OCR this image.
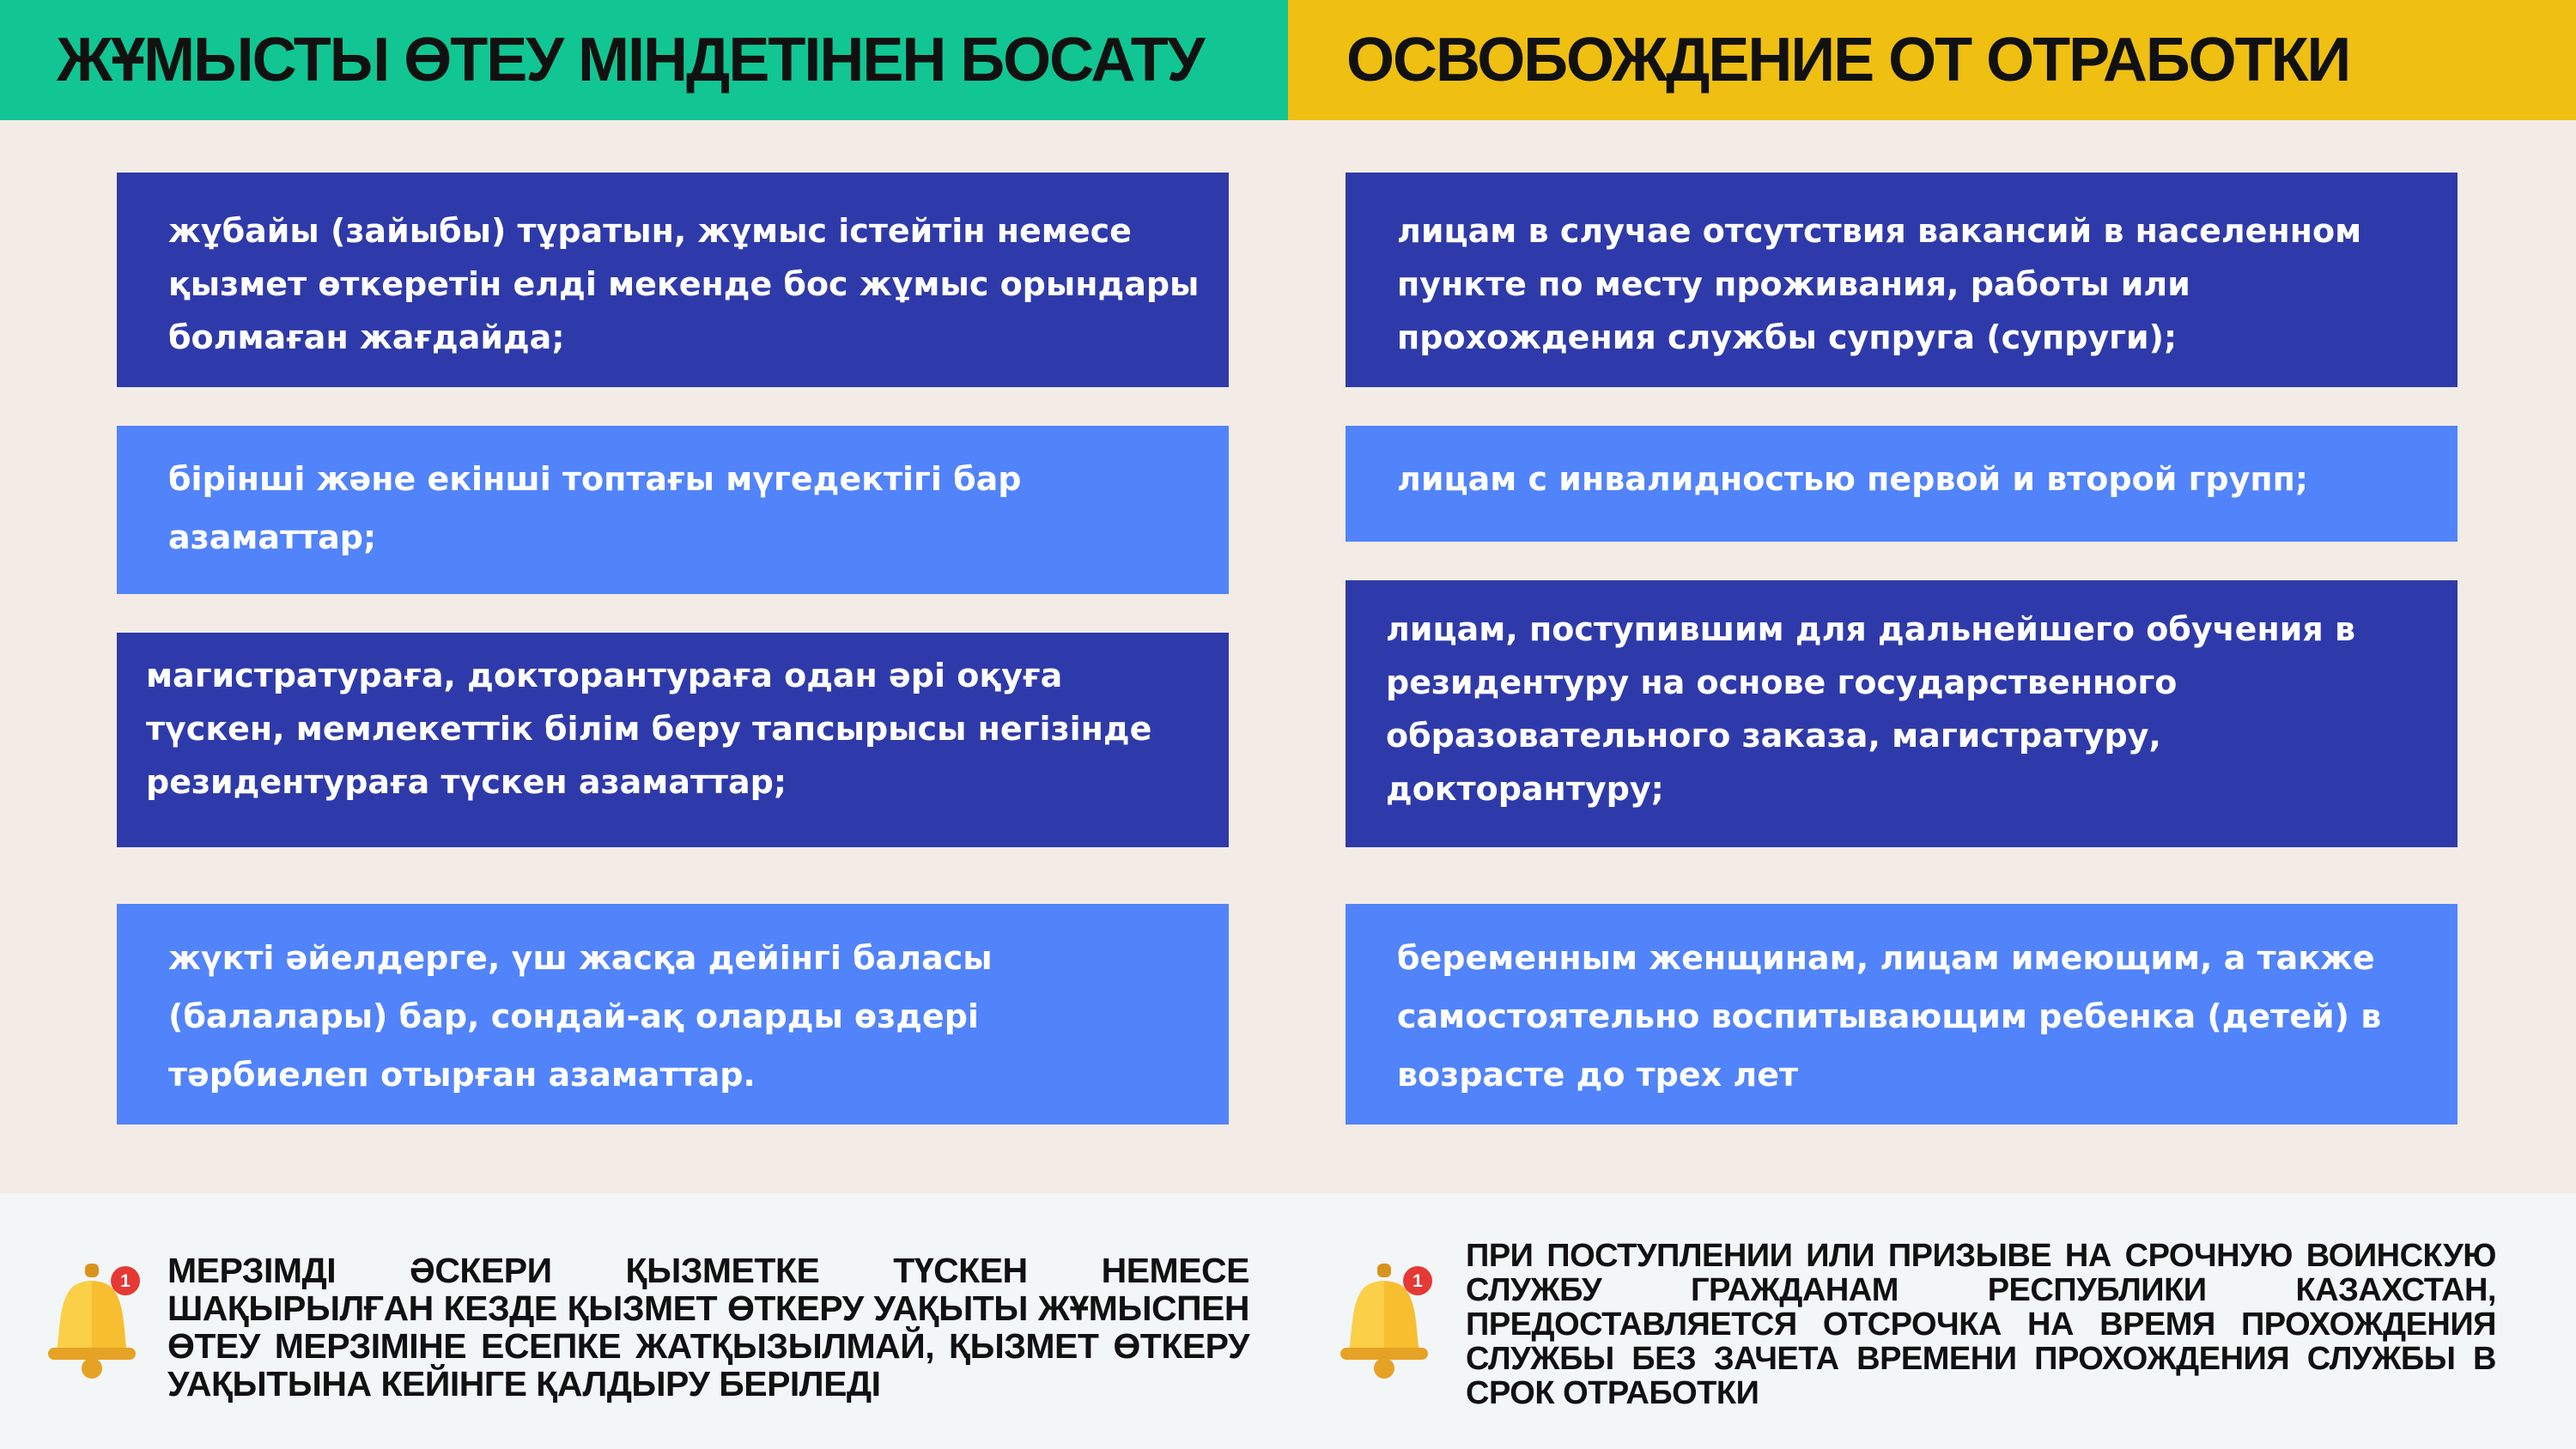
ЖҰМЫСТЫ ӨТЕУ МІНДЕТІНЕН БОСАТУ ОСВОБОЖДЕНИЕ ОТ ОТРАБОТКИ
жұбайы (зайыбы) тұратын, жұмыс істейтін немесе қызмет өткеретін елді мекенде бос жұмыс орындары болмаған жағдайда;
бірінші және екінші топтағы мүгедектігі бар азаматтар;
магистратураға, докторантураға одан әрі оқуға түскен, мемлекеттік білім беру тапсырысы негізінде резидентураға түскен азаматтар;
жүкті әйелдерге, үш жасқа дейінгі баласы (балалары) бар, сондай-ақ оларды өздері тәрбиелеп отырған азаматтар.
лицам в случае отсутствия вакансий в населенном пункте по месту проживания, работы или прохождения службы супруга (супруги);
лицам с инвалидностью первой и второй групп;
лицам, поступившим для дальнейшего обучения в резидентуру на основе государственного образовательного заказа, магистратуру, докторантуру;
беременным женщинам, лицам имеющим, а также самостоятельно воспитывающим ребенка (детей) в возрасте до трех лет
1 МЕРЗІМДІ ӘСКЕРИ ҚЫЗМЕТКЕ ТҮСКЕН НЕМЕСЕ ШАҚЫРЫЛҒАН КЕЗДЕ ҚЫЗМЕТ ӨТКЕРУ УАҚЫТЫ ЖҰМЫСПЕН ӨТЕУ МЕРЗІМІНЕ ЕСЕПКЕ ЖАТҚЫЗЫЛМАЙ, ҚЫЗМЕТ ӨТКЕРУ УАҚЫТЫНА КЕЙІНГЕ ҚАЛДЫРУ БЕРІЛЕДІ
1
ПРИ ПОСТУПЛЕНИИ ИЛИ ПРИЗЫВЕ НА СРОЧНУЮ ВОИНСКУЮ СЛУЖБУ ГРАЖДАНАМ РЕСПУБЛИКИ КАЗАХСТАН, ПРЕДОСТАВЛЯЕТСЯ ОТСРОЧКА НА ВРЕМЯ ПРОХОЖДЕНИЯ СЛУЖБЫ БЕЗ ЗАЧЕТА ВРЕМЕНИ ПРОХОЖДЕНИЯ СЛУЖБЫ В СРОК ОТРАБОТКИ
